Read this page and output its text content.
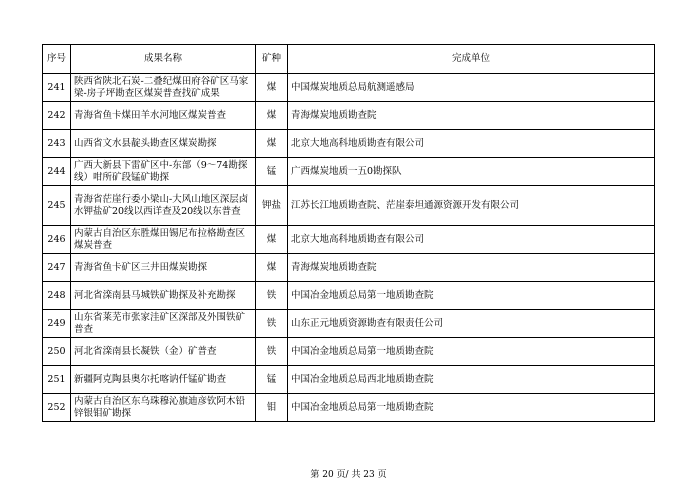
序号	成果名称	矿种	完成单位
241	陕西省陕北石炭-二叠纪煤田府谷矿区马家梁-房子坪勘查区煤炭普查找矿成果	煤	中国煤炭地质总局航测遥感局
242	青海省鱼卡煤田羊水河地区煤炭普查	煤	青海煤炭地质勘查院
243	山西省文水县靛头勘查区煤炭勘探	煤	北京大地高科地质勘查有限公司
244	广西大新县下雷矿区中-东部（9～74勘探线）咁所矿段锰矿勘探	锰	广西煤炭地质一五0勘探队
245	青海省茫崖行委小梁山-大风山地区深层卤水钾盐矿20线以西详查及20线以东普查	钾盐	江苏长江地质勘查院、茫崖泰坦通源资源开发有限公司
246	内蒙古自治区东胜煤田锡尼布拉格勘查区煤炭普查	煤	北京大地高科地质勘查有限公司
247	青海省鱼卡矿区三井田煤炭勘探	煤	青海煤炭地质勘查院
248	河北省滦南县马城铁矿勘探及补充勘探	铁	中国冶金地质总局第一地质勘查院
249	山东省莱芜市张家洼矿区深部及外围铁矿普查	铁	山东正元地质资源勘查有限责任公司
250	河北省滦南县长凝铁（金）矿普查	铁	中国冶金地质总局第一地质勘查院
251	新疆阿克陶县奥尔托喀讷仟锰矿勘查	锰	中国冶金地质总局西北地质勘查院
252	内蒙古自治区东乌珠穆沁旗迪彦钦阿木铅锌银钼矿勘探	钼	中国冶金地质总局第一地质勘查院
第 20 页/ 共 23 页
